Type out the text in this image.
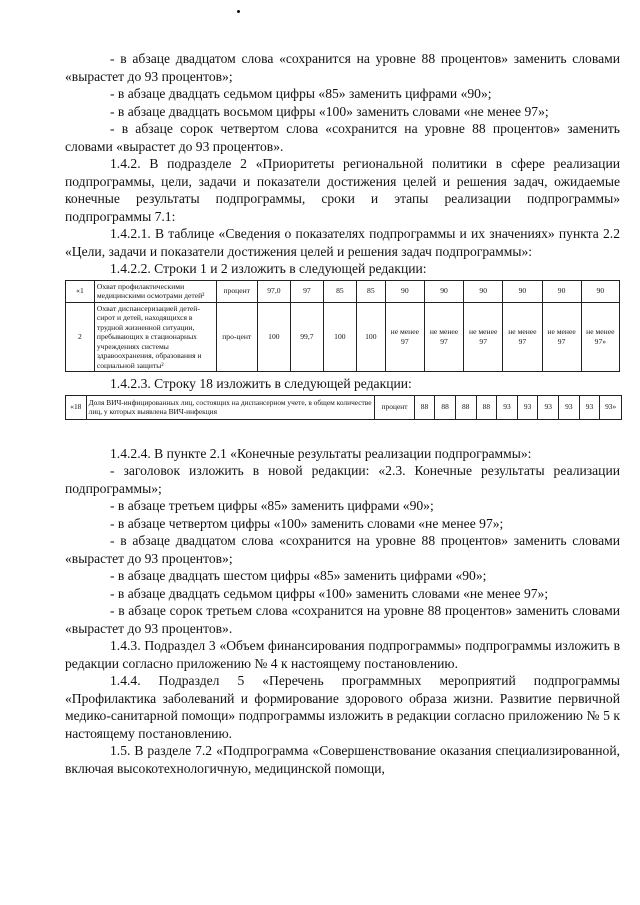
- в абзаце двадцатом слова «сохранится на уровне 88 процентов» заменить словами «вырастет до 93 процентов»;

- в абзаце двадцать седьмом цифры «85» заменить цифрами «90»;

- в абзаце двадцать восьмом цифры «100» заменить словами «не менее 97»;

- в абзаце сорок четвертом слова «сохранится на уровне 88 процентов» заменить словами «вырастет до 93 процентов».

1.4.2. В подразделе 2 «Приоритеты региональной политики в сфере реализации подпрограммы, цели, задачи и показатели достижения целей и решения задач, ожидаемые конечные результаты подпрограммы, сроки и этапы реализации подпрограммы» подпрограммы 7.1:

1.4.2.1. В таблице «Сведения о показателях подпрограммы и их значениях» пункта 2.2 «Цели, задачи и показатели достижения целей и решения задач подпрограммы»:

1.4.2.2. Строки 1 и 2 изложить в следующей редакции:

«1	Охват профилактическими медицинскими осмотрами детей²	процент	97,0	97	85	85	90	90	90	90	90	90
2	Охват диспансеризацией детей-сирот и детей, находящихся в трудной жизненной ситуации, пребывающих в стационарных учреждениях системы здравоохранения, образования и социальной защиты²	про-цент	100	99,7	100	100	не менее 97	не менее 97	не менее 97	не менее 97	не менее 97	не менее 97»

1.4.2.3. Строку 18 изложить в следующей редакции:

«18	Доля ВИЧ-инфицированных лиц, состоящих на диспансерном учете, в общем количестве лиц, у которых выявлена ВИЧ-инфекция	процент	88	88	88	88	93	93	93	93	93	93»

1.4.2.4. В пункте 2.1 «Конечные результаты реализации подпрограммы»:

- заголовок изложить в новой редакции: «2.3. Конечные результаты реализации подпрограммы»;

- в абзаце третьем цифры «85» заменить цифрами «90»;

- в абзаце четвертом цифры «100» заменить словами «не менее 97»;

- в абзаце двадцатом слова «сохранится на уровне 88 процентов» заменить словами «вырастет до 93 процентов»;

- в абзаце двадцать шестом цифры «85» заменить цифрами «90»;

- в абзаце двадцать седьмом цифры «100» заменить словами «не менее 97»;

- в абзаце сорок третьем слова «сохранится на уровне 88 процентов» заменить словами «вырастет до 93 процентов».

1.4.3. Подраздел 3 «Объем финансирования подпрограммы» подпрограммы изложить в редакции согласно приложению № 4 к настоящему постановлению.

1.4.4. Подраздел 5 «Перечень программных мероприятий подпрограммы «Профилактика заболеваний и формирование здорового образа жизни. Развитие первичной медико-санитарной помощи» подпрограммы изложить в редакции согласно приложению № 5 к настоящему постановлению.

1.5. В разделе 7.2 «Подпрограмма «Совершенствование оказания специализированной, включая высокотехнологичную, медицинской помощи,
